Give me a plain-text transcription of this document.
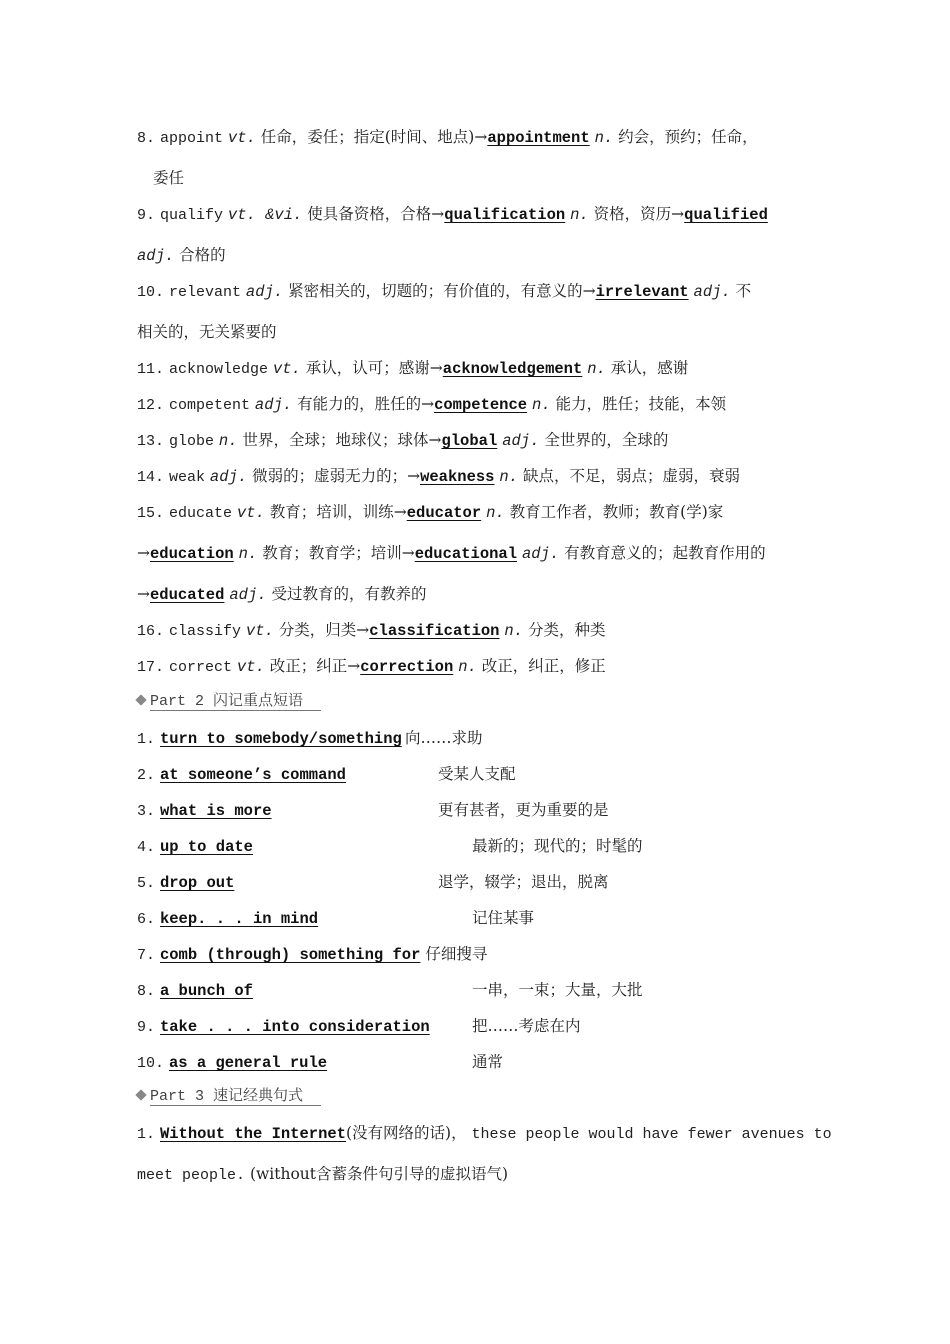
8. appoint vt. 任命，委任；指定(时间、地点)→appointment n. 约会，预约；任命，
委任
9. qualify vt. &vi. 使具备资格，合格→qualification n. 资格，资历→qualified
adj. 合格的
10. relevant adj. 紧密相关的，切题的；有价值的，有意义的→irrelevant adj. 不
相关的，无关紧要的
11. acknowledge vt. 承认，认可；感谢→acknowledgement n. 承认，感谢
12. competent adj. 有能力的，胜任的→competence n. 能力，胜任；技能，本领
13. globe n. 世界，全球；地球仪；球体→global adj. 全世界的，全球的
14. weak adj. 微弱的；虚弱无力的；→weakness n. 缺点，不足，弱点；虚弱，衰弱
15. educate vt. 教育；培训，训练→educator n. 教育工作者，教师；教育(学)家
→education n. 教育；教育学；培训→educational adj. 有教育意义的；起教育作用的
→educated adj. 受过教育的，有教养的
16. classify vt. 分类，归类→classification n. 分类，种类
17. correct vt. 改正；纠正→correction n. 改正，纠正，修正
Part 2 闪记重点短语
1. turn to somebody/something 向……求助
2. at someone’s command	受某人支配
3. what is more	更有甚者，更为重要的是
4. up to date	最新的；现代的；时髦的
5. drop out	退学，辍学；退出，脱离
6. keep. . . in mind	记住某事
7. comb (through) something for 仔细搜寻
8. a bunch of	一串，一束；大量，大批
9. take . . . into consideration	把……考虑在内
10. as a general rule	通常
Part 3 速记经典句式
1. Without the Internet(没有网络的话)， these people would have fewer avenues to
meet people. (without含蓄条件句引导的虚拟语气)
